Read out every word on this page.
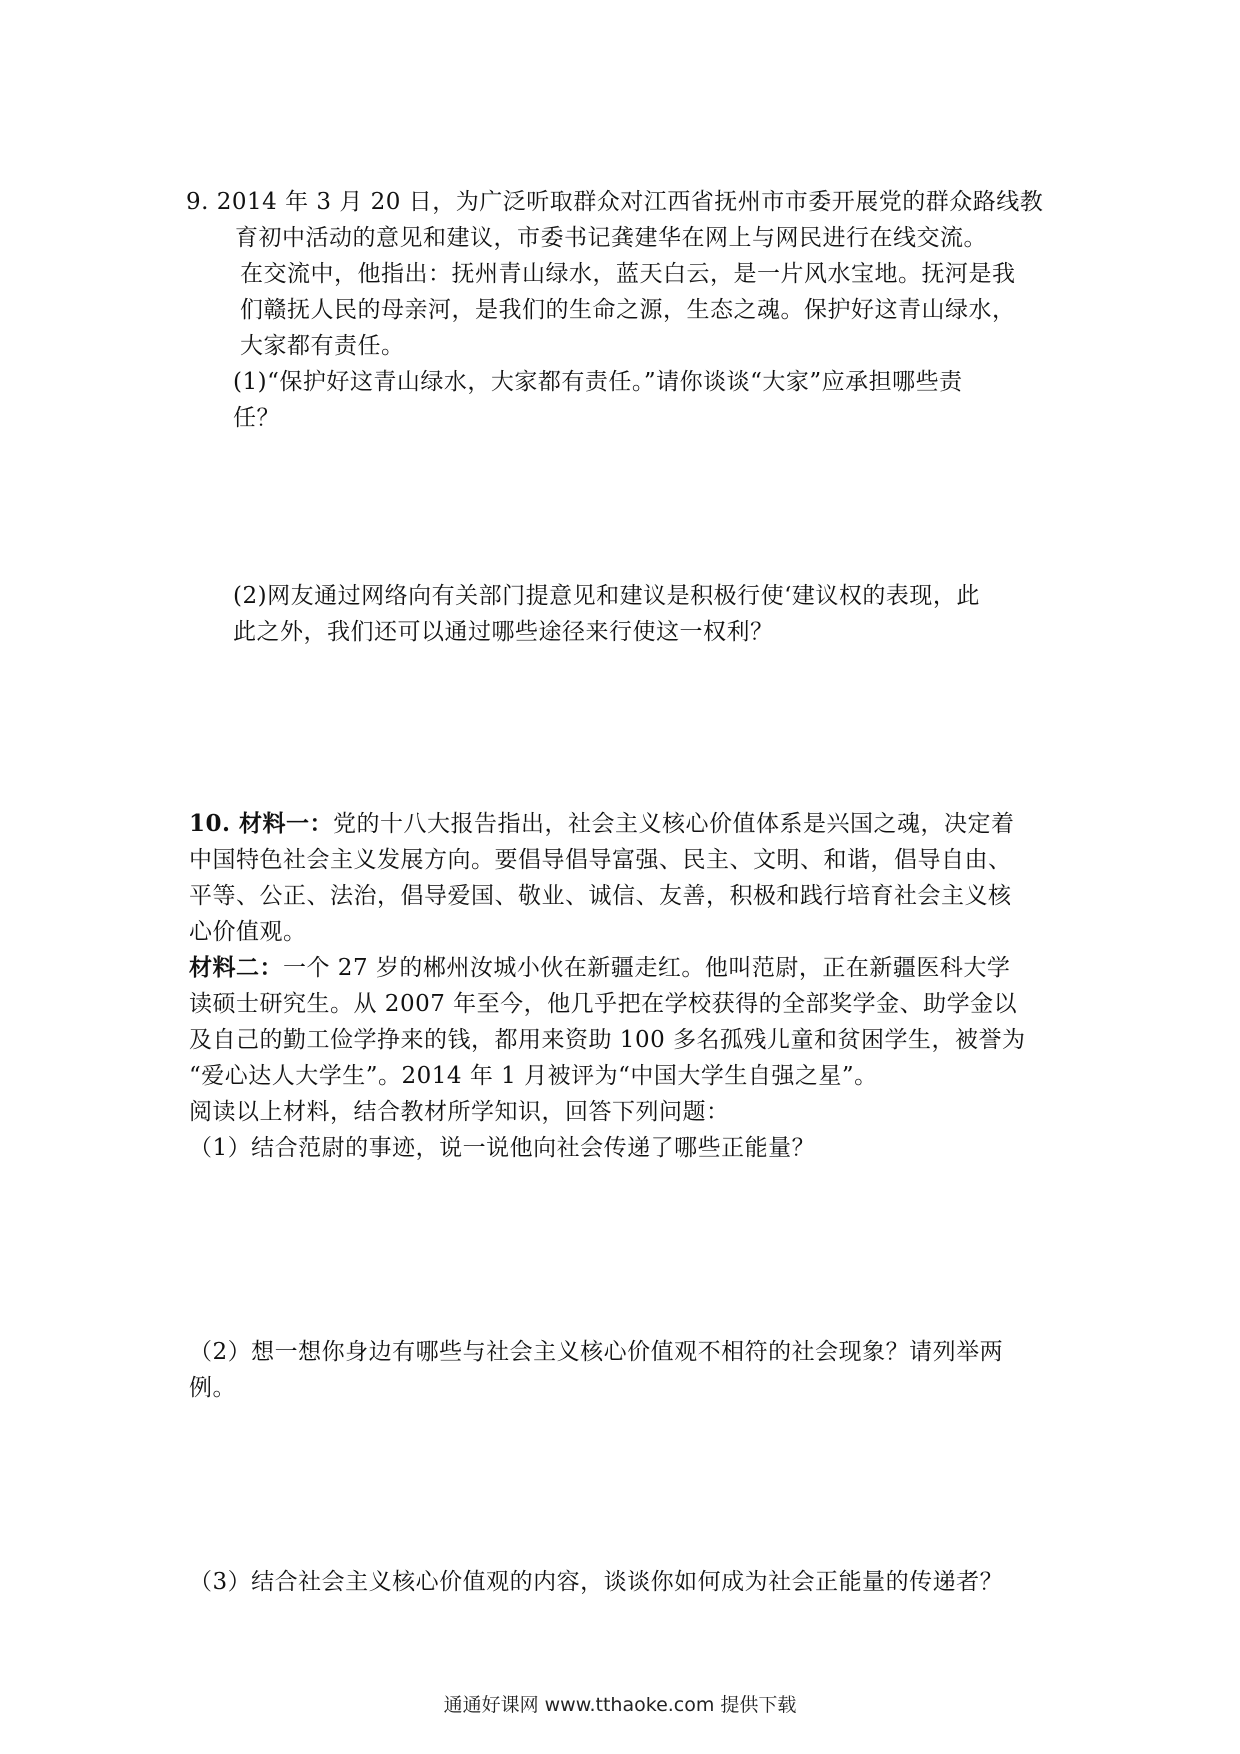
9. 2014 年 3 月 20 日，为广泛听取群众对江西省抚州市市委开展党的群众路线教
育初中活动的意见和建议，市委书记龚建华在网上与网民进行在线交流。
在交流中，他指出：抚州青山绿水，蓝天白云，是一片风水宝地。抚河是我
们赣抚人民的母亲河，是我们的生命之源，生态之魂。保护好这青山绿水，
大家都有责任。
(1)“保护好这青山绿水，大家都有责任。”请你谈谈“大家”应承担哪些责
任？
(2)网友通过网络向有关部门提意见和建议是积极行使‘建议权的表现，此
此之外，我们还可以通过哪些途径来行使这一权利？
10. 材料一：党的十八大报告指出，社会主义核心价值体系是兴国之魂，决定着
中国特色社会主义发展方向。要倡导倡导富强、民主、文明、和谐，倡导自由、
平等、公正、法治，倡导爱国、敬业、诚信、友善，积极和践行培育社会主义核
心价值观。
材料二：一个 27 岁的郴州汝城小伙在新疆走红。他叫范尉，正在新疆医科大学
读硕士研究生。从 2007 年至今，他几乎把在学校获得的全部奖学金、助学金以
及自己的勤工俭学挣来的钱，都用来资助 100 多名孤残儿童和贫困学生，被誉为
“爱心达人大学生”。2014 年 1 月被评为“中国大学生自强之星”。
阅读以上材料，结合教材所学知识，回答下列问题：
（1）结合范尉的事迹，说一说他向社会传递了哪些正能量？
（2）想一想你身边有哪些与社会主义核心价值观不相符的社会现象？请列举两
例。
（3）结合社会主义核心价值观的内容，谈谈你如何成为社会正能量的传递者？
通通好课网 www.tthaoke.com 提供下载
